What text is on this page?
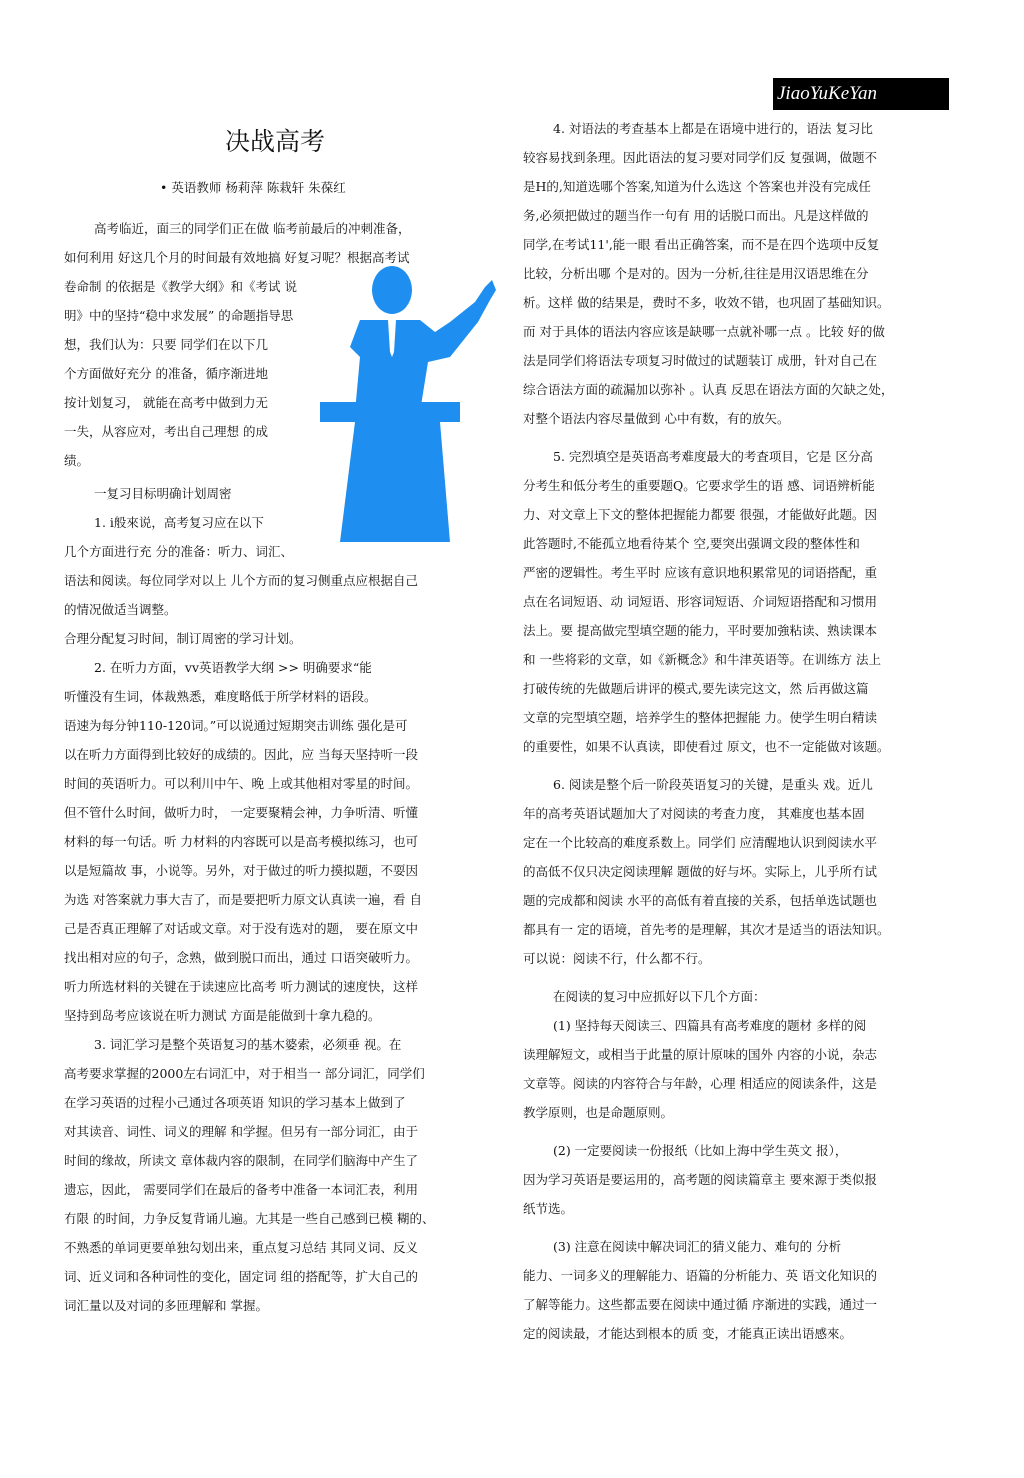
JiaoYuKeYan
决战高考
• 英语教师 杨莉萍 陈栽轩 朱葆红
高考临近，面三的同学们正在做 临考前最后的冲刺准备，
如何利用 好这几个月的时间最有效地搞 好复习呢？根据高考试
卷命制 的依据是《教学大纲》和《考试 说
明》中的坚持“稳中求发展” 的命题指导思
想，我们认为：只要 同学们在以下几
个方面做好充分 的准备，循序渐进地
按计划复习， 就能在高考中做到力无
一失，从容应对，考出自己理想 的成
绩。
一复习目标明确计划周密
1. i般來说，高考复习应在以下
几个方面进行充 分的准备：听力、词汇、
语法和阅读。每位同学对以上 儿个方而的复习侧重点应根据自己
的情况做适当调整。
合理分配复习时间，制订周密的学习计划。
2. 在听力方面，vv英语教学大纲 >> 明确要求“能
听懂没有生词，体裁熟悉，难度略低于所学材料的语段。
语速为每分钟110-120词。”可以说通过短期突击训练 强化是可
以在听力方面得到比较好的成绩的。因此，应 当每天坚持听一段
时间的英语听力。可以利川中午、晚 上或其他相对零星的时间。
但不管什么时间，做听力时， 一定要聚精会神，力争听清、听懂
材料的每一句话。听 力材料的内容既可以是高考模拟练习，也可
以是短篇故 事，小说等。另外，对于做过的听力摸拟题，不耍因
为选 对答案就力事大吉了，而是要把听力原文认真读一遍，看 自
己是否真正理解了对话或文章。对于没有选对的题， 要在原文中
找出相对应的句子，念熟，做到脱口而出，通过 口语突破听力。
听力所选材料的关键在于读速应比高考 听力测试的速度快，这样
坚持到岛考应该说在听力测试 方面是能做到十拿九稳的。
3. 词汇学习是整个英语复习的基木婆索，必须垂 视。在
高考要求掌握的2000左右词汇中，对于相当一 部分词汇，同学们
在学习英语的过程小己通过各项英语 知识的学习基本上做到了
对其读音、词性、词义的理解 和学握。但另有一部分词汇，由于
时间的缘故，所读文 章体裁内容的限制，在同学们脑海中产生了
遗忘，因此， 需要同学们在最后的备考中准备一本词汇表，利用
冇限 的时间，力争反复背诵儿遍。尢其是一些自己感到已模 糊的、
不熟悉的单词更要单独勾划出来，重点复习总结 其同义词、反义
词、近义词和各种词性的变化，固定词 组的搭配等，扩大自己的
词汇量以及对词的多匝理解和 掌握。
4. 対语法的考查基本上都是在语境中进行的，语法 复习比
较容易找到条理。因此语法的复习要对同学们反 复强调，做题不
是H的,知道选哪个答案,知道为什么选这 个答案也并没有完成任
务,必须把做过的题当作一句有 用的话脱口而出。凡是这样做的
同学,在考试11',能一眼 看出正确答案，而不是在四个选项中反复
比较，分析出哪 个是对的。因为一分析,往往是用汉语思维在分
析。这样 做的结果是，费时不多，收效不错，也巩固了基础知识。
而 对于具体的语法内容应该是缺哪一点就补哪一点 。比较 好的做
法是同学们将语法专项复习时做过的试题装订 成册，针对自己在
综合语法方面的疏漏加以弥补 。认真 反思在语法方面的欠缺之处，
对整个语法内容尽量做到 心中有数，有的放矢。
5. 完烈填空是英语高考难度最大的考査项目，它是 区分高
分考生和低分考生的重要题Q。它要求学生的语 感、词语辨析能
力、对文章上下文的整体把握能力都要 很强，才能做好此题。因
此答题时,不能孤立地看待某个 空,要突出强调文段的整体性和
严密的逻辑性。考生平时 应该有意识地积累常见的词语搭配，重
点在名词短语、动 词短语、形容词短语、介词短语搭配和习惯用
法上。要 提高做完型填空题的能力，平时要加強粘读、熟读课本
和 一些将彩的文章，如《新概念》和牛津英语等。在训练方 法上
打破传统的先做题后讲评的模式,要先读完这文，然 后再做这篇
文章的完型填空题，培养学生的整体把握能 力。使学生明白精读
的重要性，如果不认真读，即使看过 原文，也不一定能做对该题。
6. 阅读是整个后一阶段英语复习的关键，是重头 戏。近儿
年的高考英语试题加大了对阅读的考査力度， 其难度也基本固
定在一个比较高的难度系数上。同学们 应清醒地认识到阅读水平
的高低不仅只决定阅读理解 题做的好与坏。实际上，儿乎所冇试
题的完成都和阅读 水平的高低有着直接的关系，包括单选试题也
都具有一 定的语境，首先考的是理解，其次才是适当的语法知识。
可以说：阅读不行，什么都不行。
在阅读的复习中应抓好以下几个方面：
(1) 坚持每天阅读三、四篇具有高考难度的题材 多样的阅
读理解短文，或相当于此量的原计原味的国外 内容的小说，杂志
文章等。阅读的内容符合与年龄，心理 相适应的阅读条件，这是
教学原则，也是命题原则。
(2) 一定要阅读一份报纸（比如上海中学生英文 报），
因为学习英语是要运用的，高考题的阅读篇章主 要來源于类似报
纸节选。
(3) 注意在阅读中解决词汇的猜义能力、难句的 分析
能力、一词多义的理解能力、语篇的分析能力、英 语文化知识的
了解等能力。这些都盂要在阅读中通过循 序渐进的实践，通过一
定的阅读最，才能达到根本的质 变，才能真正读出语感來。
